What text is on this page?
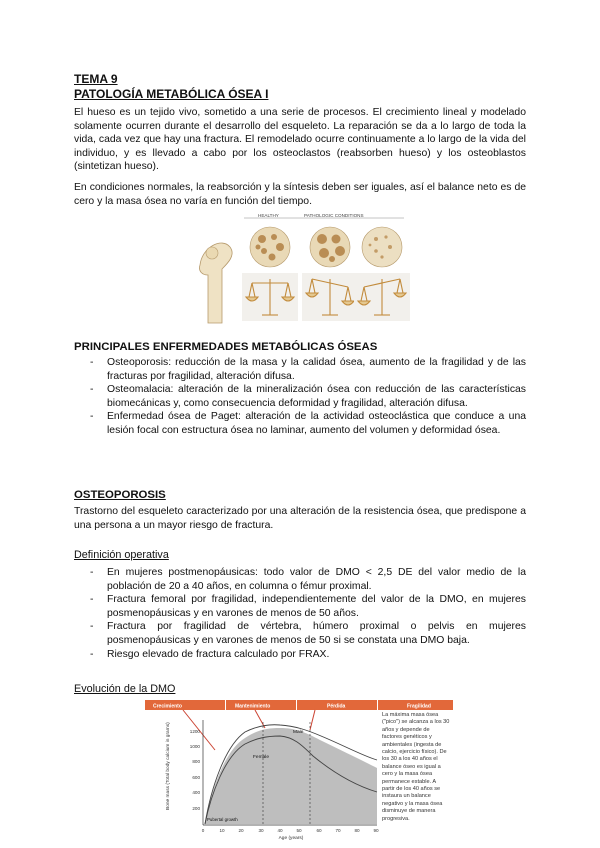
TEMA 9
PATOLOGÍA METABÓLICA ÓSEA I
El hueso es un tejido vivo, sometido a una serie de procesos. El crecimiento lineal y modelado solamente ocurren durante el desarrollo del esqueleto. La reparación se da a lo largo de toda la vida, cada vez que hay una fractura. El remodelado ocurre continuamente a lo largo de la vida del individuo, y es llevado a cabo por los osteoclastos (reabsorben hueso) y los osteoblastos (sintetizan hueso).
En condiciones normales, la reabsorción y la síntesis deben ser iguales, así el balance neto es de cero y la masa ósea no varía en función del tiempo.
HEALTHY	PATHOLOGIC CONDITIONS
PRINCIPALES ENFERMEDADES METABÓLICAS ÓSEAS
- Osteoporosis: reducción de la masa y la calidad ósea, aumento de la fragilidad y de las fracturas por fragilidad, alteración difusa.
- Osteomalacia: alteración de la mineralización ósea con reducción de las características biomecánicas y, como consecuencia deformidad y fragilidad, alteración difusa.
- Enfermedad ósea de Paget: alteración de la actividad osteoclástica que conduce a una lesión focal con estructura ósea no laminar, aumento del volumen y deformidad ósea.
OSTEOPOROSIS
Trastorno del esqueleto caracterizado por una alteración de la resistencia ósea, que predispone a una persona a un mayor riesgo de fractura.
Definición operativa
- En mujeres postmenopáusicas: todo valor de DMO < 2,5 DE del valor medio de la población de 20 a 40 años, en columna o fémur proximal.
- Fractura femoral por fragilidad, independientemente del valor de la DMO, en mujeres posmenopáusicas y en varones de menos de 50 años.
- Fractura por fragilidad de vértebra, húmero proximal o pelvis en mujeres posmenopáusicas y en varones de menos de 50 si se constata una DMO baja.
- Riesgo elevado de fractura calculado por FRAX.
Evolución de la DMO
Crecimiento	Mantenimiento	Pérdida	Fragilidad
Bone mass (Total body calcium in grams)	1200
1000
800
600
400
200
0	10	20	30	40	50	60	70	80	90
Age (years)
Male
Female
Pubertal growth
La máxima masa ósea ("pico") se alcanza a los 30 años y depende de factores genéticos y ambientales (ingesta de calcio, ejercicio físico). De los 30 a los 40 años el balance óseo es igual a cero y la masa ósea permanece estable. A partir de los 40 años se instaura un balance negativo y la masa ósea disminuye de manera progresiva.
